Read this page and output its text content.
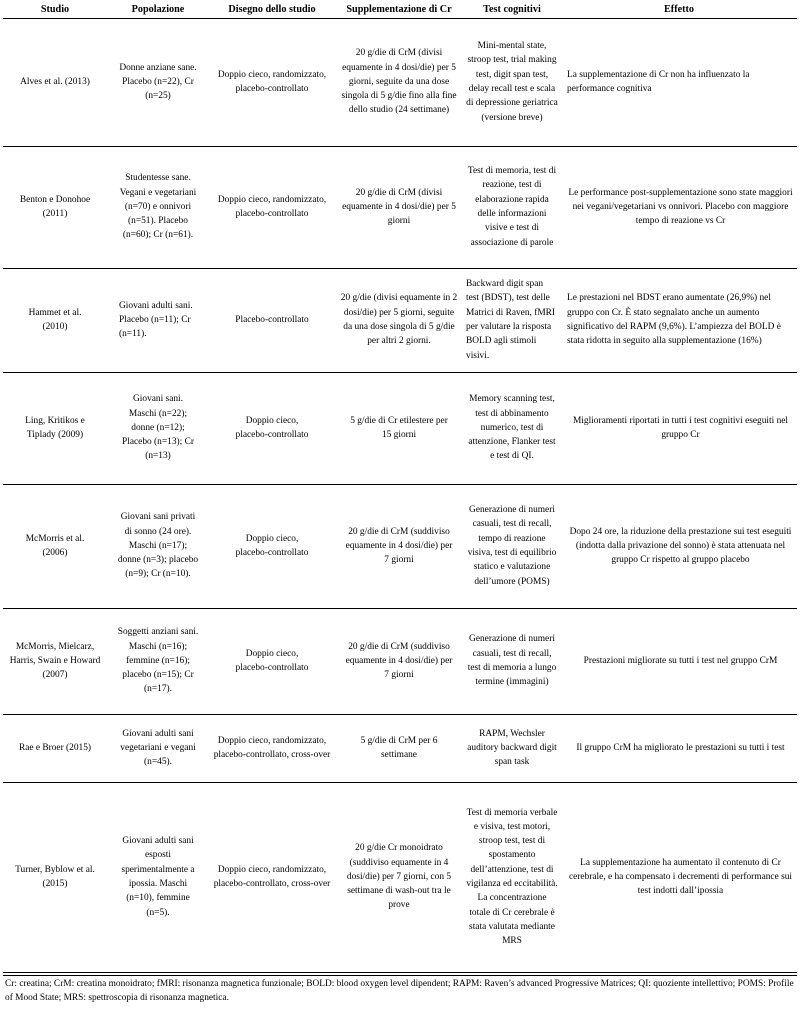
Studio	Popolazione	Disegno dello studio	Supplementazione di Cr	Test cognitivi	Effetto
Alves et al. (2013)	Donne anziane sane. Placebo (n=22), Cr (n=25)	Doppio cieco, randomizzato, placebo-controllato	20 g/die di CrM (divisi equamente in 4 dosi/die) per 5 giorni, seguite da una dose singola di 5 g/die fino alla fine dello studio (24 settimane)	Mini-mental state, stroop test, trial making test, digit span test, delay recall test e scala di depressione geriatrica (versione breve)	La supplementazione di Cr non ha influenzato la performance cognitiva
Benton e Donohoe (2011)	Studentesse sane. Vegani e vegetariani (n=70) e onnivori (n=51). Placebo (n=60); Cr (n=61).	Doppio cieco, randomizzato, placebo-controllato	20 g/die di CrM (divisi equamente in 4 dosi/die) per 5 giorni	Test di memoria, test di reazione, test di elaborazione rapida delle informazioni visive e test di associazione di parole	Le performance post-supplementazione sono state maggiori nei vegani/vegetariani vs onnivori. Placebo con maggiore tempo di reazione vs Cr
Hammet et al. (2010)	Giovani adulti sani. Placebo (n=11); Cr (n=11).	Placebo-controllato	20 g/die (divisi equamente in 2 dosi/die) per 5 giorni, seguite da una dose singola di 5 g/die per altri 2 giorni.	Backward digit span test (BDST), test delle Matrici di Raven, fMRI per valutare la risposta BOLD agli stimoli visivi.	Le prestazioni nel BDST erano aumentate (26,9%) nel gruppo con Cr. È stato segnalato anche un aumento significativo del RAPM (9,6%). L’ampiezza del BOLD è stata ridotta in seguito alla supplementazione (16%)
Ling, Kritikos e Tiplady (2009)	Giovani sani. Maschi (n=22); donne (n=12); Placebo (n=13); Cr (n=13)	Doppio cieco, placebo-controllato	5 g/die di Cr etilestere per 15 giorni	Memory scanning test, test di abbinamento numerico, test di attenzione, Flanker test e test di QI.	Miglioramenti riportati in tutti i test cognitivi eseguiti nel gruppo Cr
McMorris et al. (2006)	Giovani sani privati di sonno (24 ore). Maschi (n=17); donne (n=3); placebo (n=9); Cr (n=10).	Doppio cieco, placebo-controllato	20 g/die di CrM (suddiviso equamente in 4 dosi/die) per 7 giorni	Generazione di numeri casuali, test di recall, tempo di reazione visiva, test di equilibrio statico e valutazione dell’umore (POMS)	Dopo 24 ore, la riduzione della prestazione sui test eseguiti (indotta dalla privazione del sonno) è stata attenuata nel gruppo Cr rispetto al gruppo placebo
McMorris, Mielcarz, Harris, Swain e Howard (2007)	Soggetti anziani sani. Maschi (n=16); femmine (n=16); placebo (n=15); Cr (n=17).	Doppio cieco, placebo-controllato	20 g/die di CrM (suddiviso equamente in 4 dosi/die) per 7 giorni	Generazione di numeri casuali, test di recall, test di memoria a lungo termine (immagini)	Prestazioni migliorate su tutti i test nel gruppo CrM
Rae e Broer (2015)	Giovani adulti sani vegetariani e vegani (n=45).	Doppio cieco, randomizzato, placebo-controllato, cross-over	5 g/die di CrM per 6 settimane	RAPM, Wechsler auditory backward digit span task	Il gruppo CrM ha migliorato le prestazioni su tutti i test
Turner, Byblow et al. (2015)	Giovani adulti sani esposti sperimentalmente a ipossia. Maschi (n=10), femmine (n=5).	Doppio cieco, randomizzato, placebo-controllato, cross-over	20 g/die Cr monoidrato (suddiviso equamente in 4 dosi/die) per 7 giorni, con 5 settimane di wash-out tra le prove	Test di memoria verbale e visiva, test motori, stroop test, test di spostamento dell’attenzione, test di vigilanza ed eccitabilità. La concentrazione totale di Cr cerebrale è stata valutata mediante MRS	La supplementazione ha aumentato il contenuto di Cr cerebrale, e ha compensato i decrementi di performance sui test indotti dall’ipossia
Cr: creatina; CrM: creatina monoidrato; fMRI: risonanza magnetica funzionale; BOLD: blood oxygen level dipendent; RAPM: Raven’s advanced Progressive Matrices; QI: quoziente intellettivo; POMS: Profile of Mood State; MRS: spettroscopia di risonanza magnetica.
